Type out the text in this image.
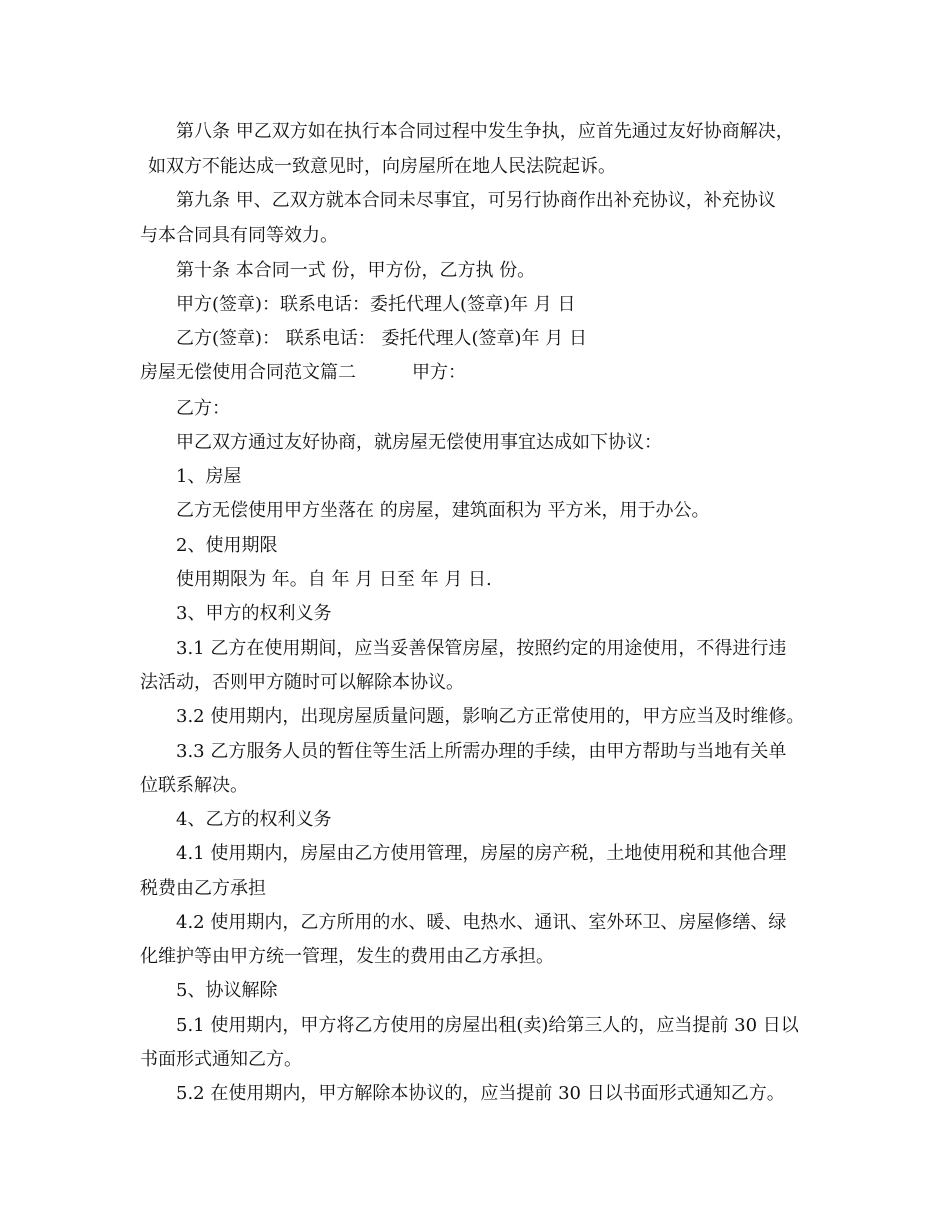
第八条 甲乙双方如在执行本合同过程中发生争执，应首先通过友好协商解决，
如双方不能达成一致意见时，向房屋所在地人民法院起诉。
第九条 甲、乙双方就本合同未尽事宜，可另行协商作出补充协议，补充协议
与本合同具有同等效力。
第十条 本合同一式 份，甲方份，乙方执 份。
甲方(签章)：联系电话：委托代理人(签章)年 月 日
乙方(签章)： 联系电话： 委托代理人(签章)年 月 日
房屋无偿使用合同范文篇二	甲方：
乙方：
甲乙双方通过友好协商，就房屋无偿使用事宜达成如下协议：
1、房屋
乙方无偿使用甲方坐落在 的房屋，建筑面积为 平方米，用于办公。
2、使用期限
使用期限为 年。自 年 月 日至 年 月 日.
3、甲方的权利义务
3.1 乙方在使用期间，应当妥善保管房屋，按照约定的用途使用，不得进行违
法活动，否则甲方随时可以解除本协议。
3.2 使用期内，出现房屋质量问题，影响乙方正常使用的，甲方应当及时维修。
3.3 乙方服务人员的暂住等生活上所需办理的手续，由甲方帮助与当地有关单
位联系解决。
4、乙方的权利义务
4.1 使用期内，房屋由乙方使用管理，房屋的房产税，土地使用税和其他合理
税费由乙方承担
4.2 使用期内，乙方所用的水、暖、电热水、通讯、室外环卫、房屋修缮、绿
化维护等由甲方统一管理，发生的费用由乙方承担。
5、协议解除
5.1 使用期内，甲方将乙方使用的房屋出租(卖)给第三人的，应当提前 30 日以
书面形式通知乙方。
5.2 在使用期内，甲方解除本协议的，应当提前 30 日以书面形式通知乙方。
